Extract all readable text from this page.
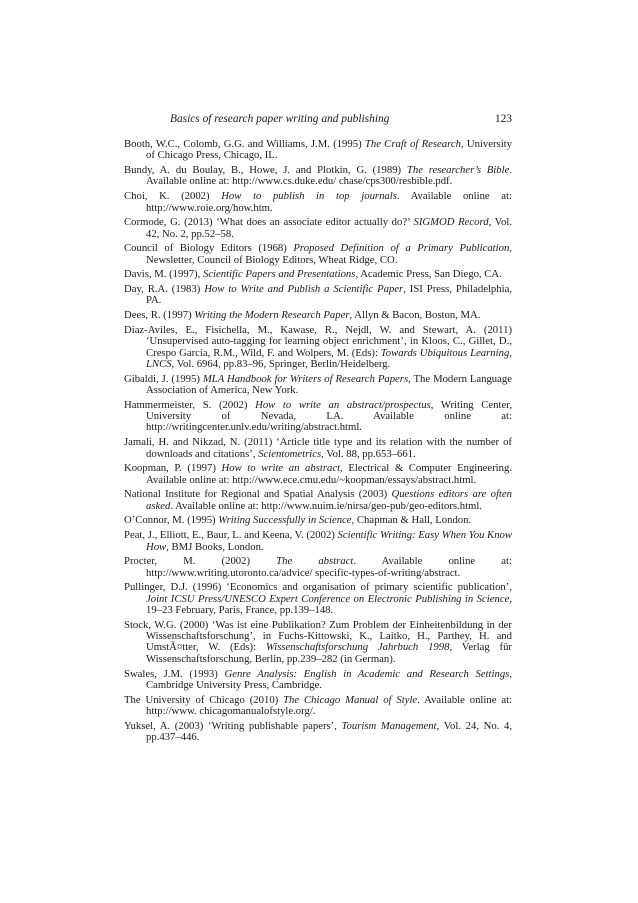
Basics of research paper writing and publishing	123

Booth, W.C., Colomb, G.G. and Williams, J.M. (1995) The Craft of Research, University of Chicago Press, Chicago, IL.

Bundy, A. du Boulay, B., Howe, J. and Plotkin, G. (1989) The researcher’s Bible. Available online at: http://www.cs.duke.edu/ chase/cps300/resbible.pdf.

Choi, K. (2002) How to publish in top journals. Available online at: http://www.roie.org/how.htm.

Cormode, G. (2013) ‘What does an associate editor actually do?’ SIGMOD Record, Vol. 42, No. 2, pp.52–58.

Council of Biology Editors (1968) Proposed Definition of a Primary Publication, Newsletter, Council of Biology Editors, Wheat Ridge, CO.

Davis, M. (1997), Scientific Papers and Presentations, Academic Press, San Diego, CA.

Day, R.A. (1983) How to Write and Publish a Scientific Paper, ISI Press, Philadelphia, PA.

Dees, R. (1997) Writing the Modern Research Paper, Allyn & Bacon, Boston, MA.

Diaz-Aviles, E., Fisichella, M., Kawase, R., Nejdl, W. and Stewart, A. (2011) ‘Unsupervised auto-tagging for learning object enrichment’, in Kloos, C., Gillet, D., Crespo Garcia, R.M., Wild, F. and Wolpers, M. (Eds): Towards Ubiquitous Learning, LNCS, Vol. 6964, pp.83–96, Springer, Berlin/Heidelberg.

Gibaldi, J. (1995) MLA Handbook for Writers of Research Papers, The Modern Language Association of America, New York.

Hammermeister, S. (2002) How to write an abstract/prospectus, Writing Center, University of Nevada, LA. Available online at: http://writingcenter.unlv.edu/writing/abstract.html.

Jamali, H. and Nikzad, N. (2011) ‘Article title type and its relation with the number of downloads and citations’, Scientometrics, Vol. 88, pp.653–661.

Koopman, P. (1997) How to write an abstract, Electrical & Computer Engineering. Available online at: http://www.ece.cmu.edu/~koopman/essays/abstract.html.

National Institute for Regional and Spatial Analysis (2003) Questions editors are often asked. Available online at: http://www.nuim.ie/nirsa/geo-pub/geo-editors.html.

O’Connor, M. (1995) Writing Successfully in Science, Chapman & Hall, London.

Peat, J., Elliott, E., Baur, L. and Keena, V. (2002) Scientific Writing: Easy When You Know How, BMJ Books, London.

Procter, M. (2002) The abstract. Available online at: http://www.writing.utoronto.ca/advice/ specific-types-of-writing/abstract.

Pullinger, D.J. (1996) ‘Economics and organisation of primary scientific publication’, Joint ICSU Press/UNESCO Expert Conference on Electronic Publishing in Science, 19–23 February, Paris, France, pp.139–148.

Stock, W.G. (2000) ‘Was ist eine Publikation? Zum Problem der Einheitenbildung in der Wissenschaftsforschung’, in Fuchs-Kittowski, K., Laitko, H., Parthey, H. and UmstÃ¤tter, W. (Eds): Wissenschaftsforschung Jahrbuch 1998, Verlag für Wissenschaftsforschung, Berlin, pp.239–282 (in German).

Swales, J.M. (1993) Genre Analysis: English in Academic and Research Settings, Cambridge University Press, Cambridge.

The University of Chicago (2010) The Chicago Manual of Style. Available online at: http://www. chicagomanualofstyle.org/.

Yuksel, A. (2003) ‘Writing publishable papers’, Tourism Management, Vol. 24, No. 4, pp.437–446.
